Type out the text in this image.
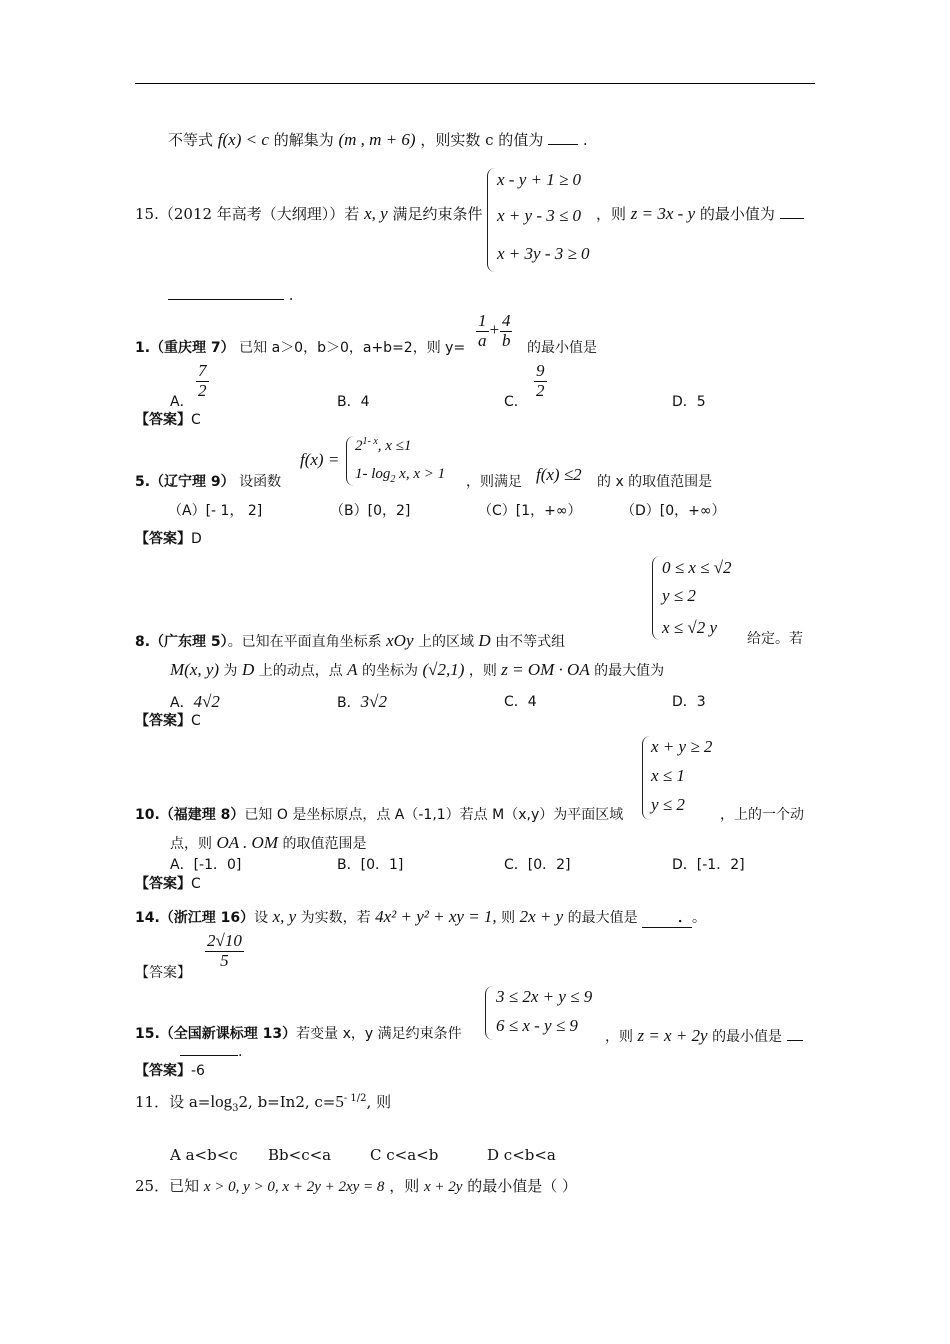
不等式 f(x) < c 的解集为 (m , m + 6) ，则实数 c 的值为	.
15.（2012 年高考（大纲理））若 x, y 满足约束条件
x - y + 1 ≥ 0
x + y - 3 ≤ 0
x + 3y - 3 ≥ 0
，则 z = 3x - y 的最小值为
.
1.（重庆理 7） 已知 a＞0，b＞0，a+b=2，则 $y= \frac{1}{a} + \frac{4}{b}$ 的最小值是
A．
$\frac{7}{2}$
B．4	C．
$\frac{9}{2}$
D．5
【答案】C
5.（辽宁理 9） 设函数
f(x) =
$2^{1- x}$, x ≤1
1- $\log_2 x$, x > 1 ，则满足 f(x) ≤2 的 x 的取值范围是
（A）[- 1， 2]	（B）[0，2]	（C）[1，+∞）	（D）[0，+∞）
【答案】D
0 ≤ x ≤ √2
y ≤ 2
x ≤ √2 y
8.（广东理 5）。已知在平面直角坐标系 xOy 上的区域 D 由不等式组	给定。若
M(x, y) 为 D 上的动点，点 A 的坐标为 (√2,1) ，则 z = OM · OA 的最大值为
A．4√2	B．3√2	C．4	D．3
【答案】C
x + y ≥ 2
x ≤ 1
y ≤ 2
10.（福建理 8）已知 O 是坐标原点，点 A（-1,1）若点 M（x,y）为平面区域	，上的一个动
点，则 OA . OM 的取值范围是
A．[-1．0]	B．[0．1]	C．[0．2]	D．[-1．2]
【答案】C
14.（浙江理 16）设 x, y 为实数，若 4x² + y² + xy = 1, 则 2x + y 的最大值是	．。
【答案】
$\frac{2√10}{5}$
3 ≤ 2x + y ≤ 9
6 ≤ x - y ≤ 9
15.（全国新课标理 13）若变量 x，y 满足约束条件	，则 z = x + 2y 的最小值是
.
【答案】-6
11．设 $a=\log_32$, b=In2, $c=5^{- 1/2}$, 则
A a<b<c Bb<c<a	C c<a<b	D c<b<a
25．已知 x > 0, y > 0, x + 2y + 2xy = 8 ，则 x + 2y 的最小值是（ ）
